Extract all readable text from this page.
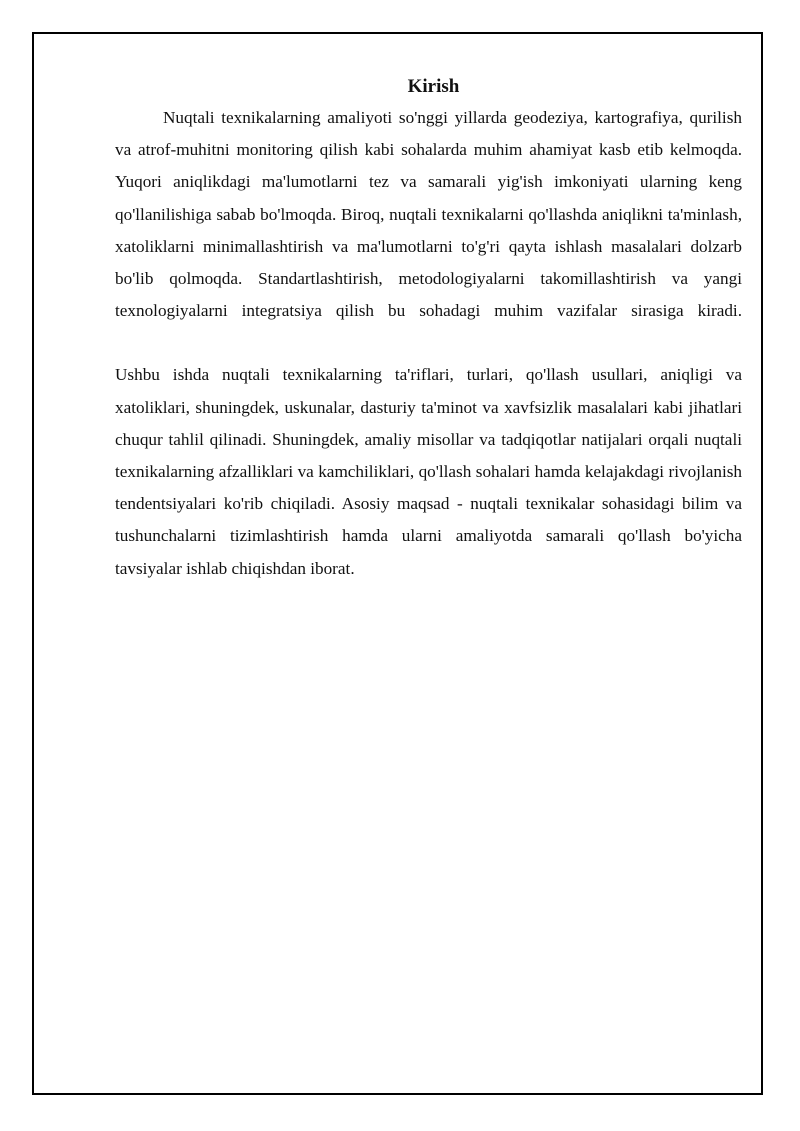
Kirish

Nuqtali texnikalarning amaliyoti so'nggi yillarda geodeziya, kartografiya, qurilish va atrof-muhitni monitoring qilish kabi sohalarda muhim ahamiyat kasb etib kelmoqda. Yuqori aniqlikdagi ma'lumotlarni tez va samarali yig'ish imkoniyati ularning keng qo'llanilishiga sabab bo'lmoqda. Biroq, nuqtali texnikalarni qo'llashda aniqlikni ta'minlash, xatoliklarni minimallashtirish va ma'lumotlarni to'g'ri qayta ishlash masalalari dolzarb bo'lib qolmoqda. Standartlashtirish, metodologiyalarni takomillashtirish va yangi texnologiyalarni integratsiya qilish bu sohadagi muhim vazifalar sirasiga kiradi.

Ushbu ishda nuqtali texnikalarning ta'riflari, turlari, qo'llash usullari, aniqligi va xatoliklari, shuningdek, uskunalar, dasturiy ta'minot va xavfsizlik masalalari kabi jihatlari chuqur tahlil qilinadi. Shuningdek, amaliy misollar va tadqiqotlar natijalari orqali nuqtali texnikalarning afzalliklari va kamchiliklari, qo'llash sohalari hamda kelajakdagi rivojlanish tendentsiyalari ko'rib chiqiladi. Asosiy maqsad - nuqtali texnikalar sohasidagi bilim va tushunchalarni tizimlashtirish hamda ularni amaliyotda samarali qo'llash bo'yicha tavsiyalar ishlab chiqishdan iborat.
